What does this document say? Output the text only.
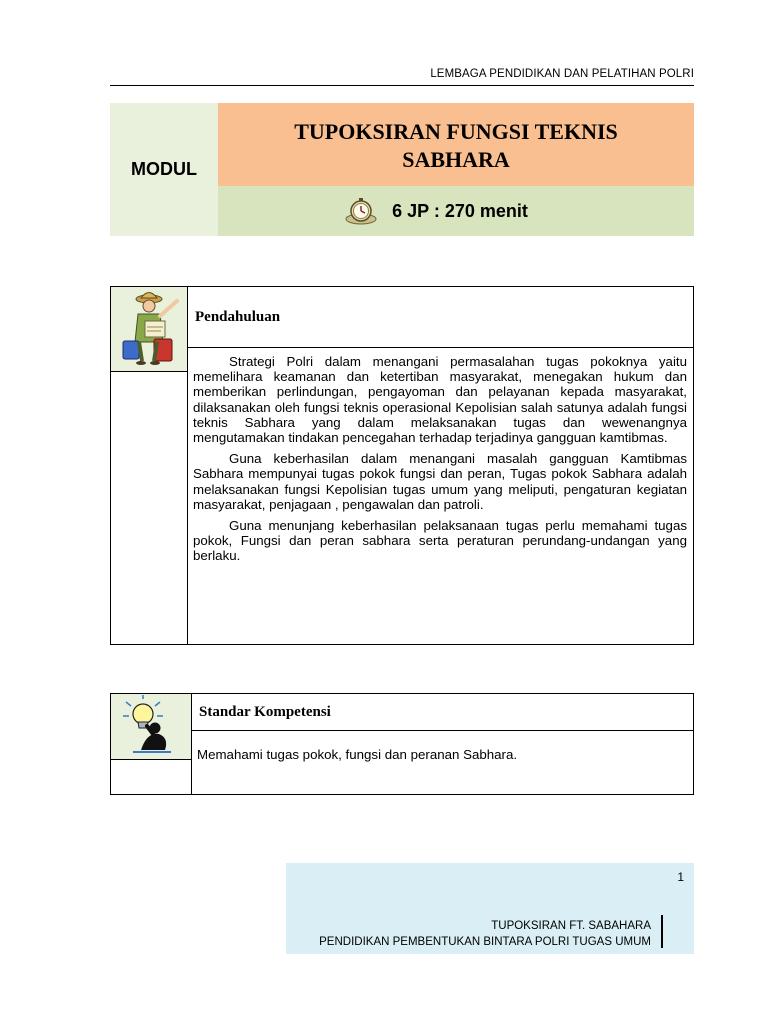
LEMBAGA PENDIDIKAN DAN PELATIHAN POLRI
MODUL
TUPOKSIRAN FUNGSI TEKNIS
SABHARA
6 JP : 270 menit
Pendahuluan

Strategi Polri dalam menangani permasalahan tugas pokoknya yaitu memelihara keamanan dan ketertiban masyarakat, menegakan hukum dan memberikan perlindungan, pengayoman dan pelayanan kepada masyarakat, dilaksanakan oleh fungsi teknis operasional Kepolisian salah satunya adalah fungsi teknis Sabhara yang dalam melaksanakan tugas dan wewenangnya mengutamakan tindakan pencegahan terhadap terjadinya gangguan kamtibmas.

Guna keberhasilan dalam menangani masalah gangguan Kamtibmas Sabhara mempunyai tugas pokok fungsi dan peran, Tugas pokok Sabhara adalah melaksanakan fungsi Kepolisian tugas umum yang meliputi, pengaturan kegiatan masyarakat, penjagaan , pengawalan dan patroli.

Guna menunjang keberhasilan pelaksanaan tugas perlu memahami tugas pokok, Fungsi dan peran sabhara serta peraturan perundang-undangan yang berlaku.

Standar Kompetensi
Memahami tugas pokok, fungsi dan peranan Sabhara.
1
TUPOKSIRAN FT. SABAHARA
PENDIDIKAN PEMBENTUKAN BINTARA POLRI TUGAS UMUM
